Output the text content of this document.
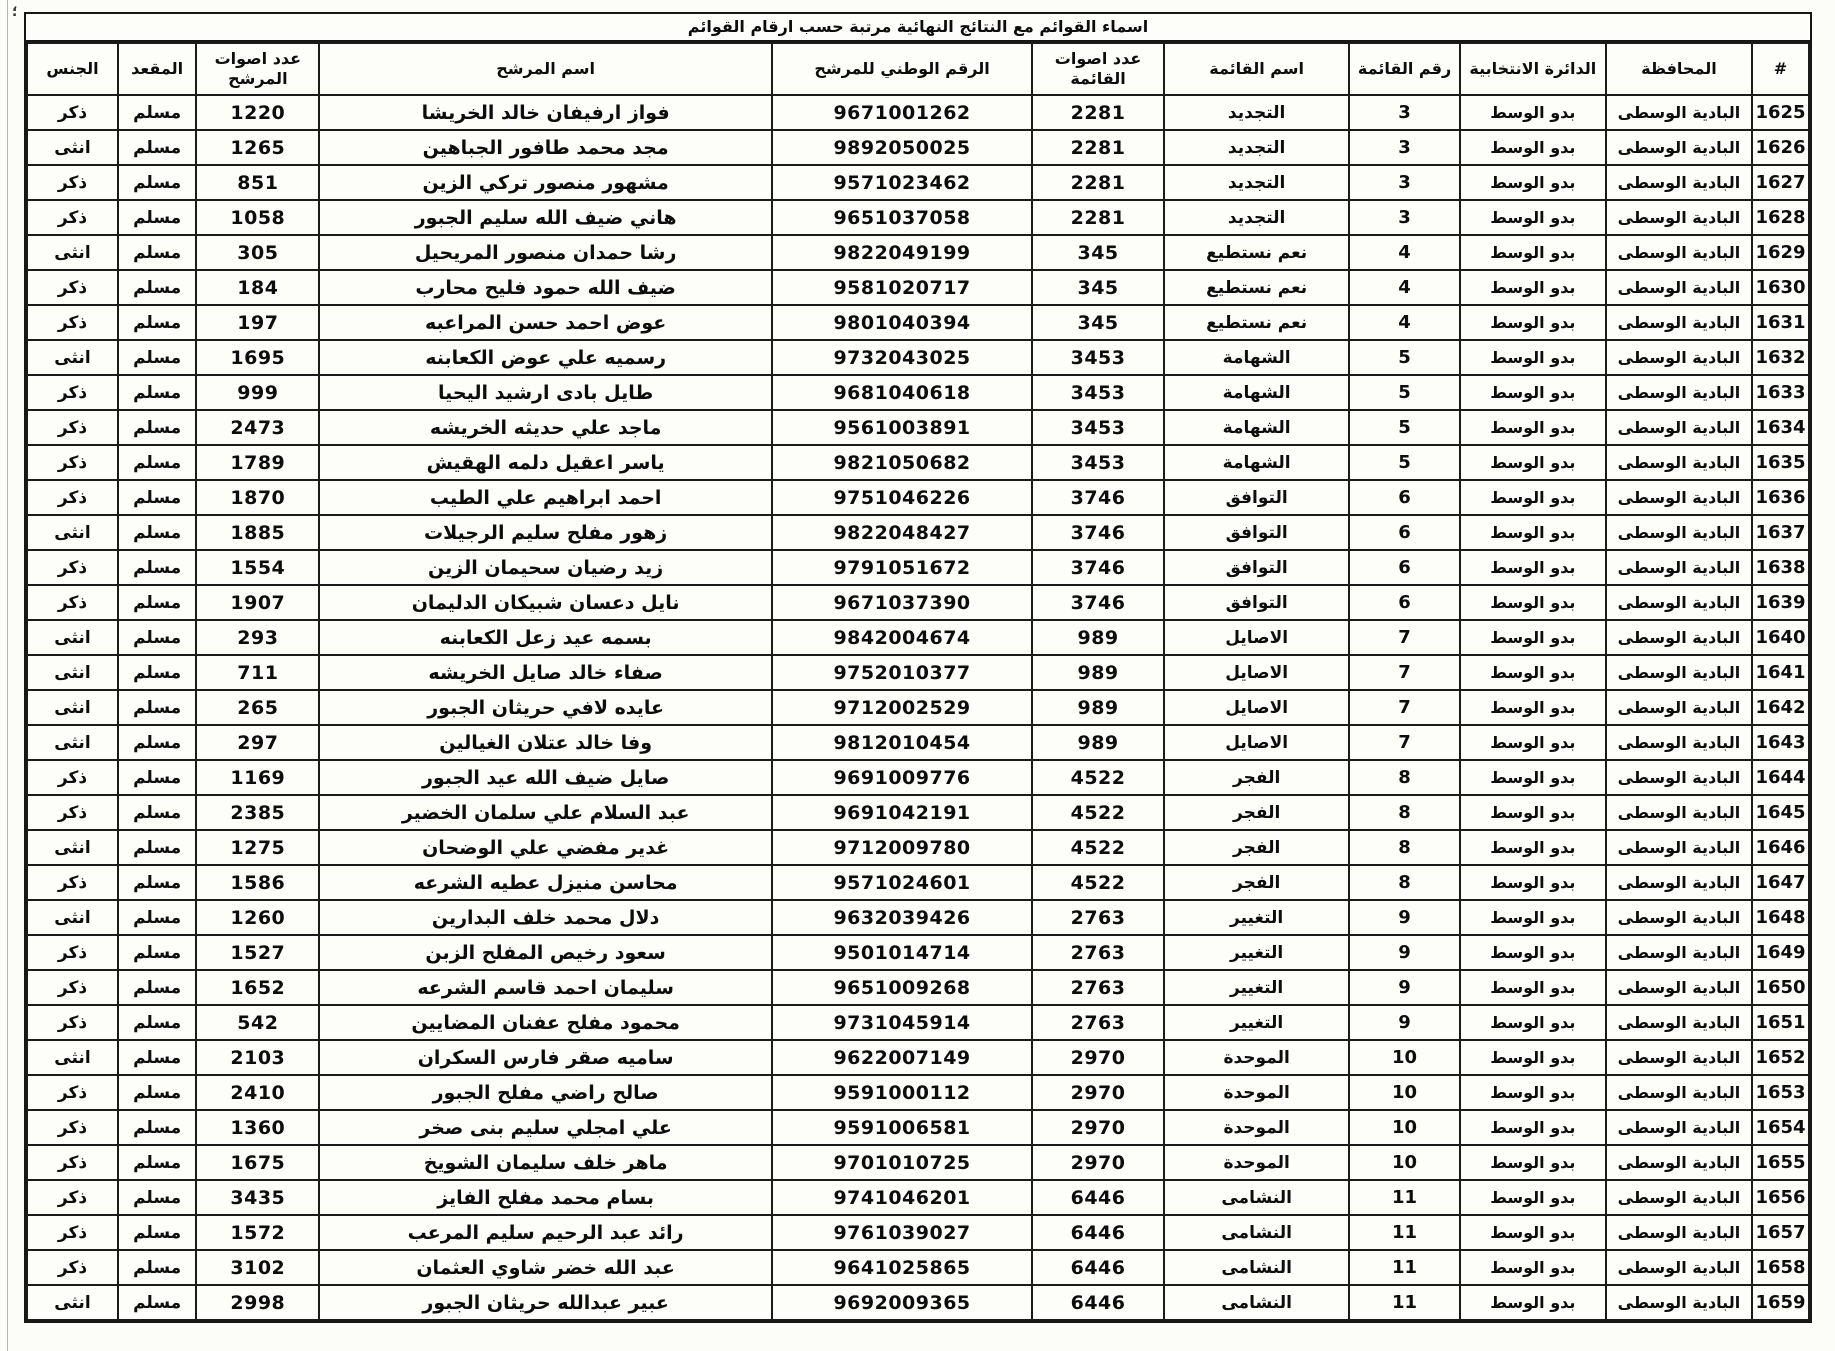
؛
اسماء القوائم مع النتائج النهائية مرتبة حسب ارقام القوائم
#	المحافظة	الدائرة الانتخابية	رقم القائمة	اسم القائمة	عدد اصوات القائمة	الرقم الوطني للمرشح	اسم المرشح	عدد اصوات المرشح	المقعد	الجنس
1625	البادية الوسطى	بدو الوسط	3	التجديد	2281	9671001262	فواز ارفيفان خالد الخريشا	1220	مسلم	ذكر
1626	البادية الوسطى	بدو الوسط	3	التجديد	2281	9892050025	مجد محمد طافور الجباهين	1265	مسلم	انثى
1627	البادية الوسطى	بدو الوسط	3	التجديد	2281	9571023462	مشهور منصور تركي الزين	851	مسلم	ذكر
1628	البادية الوسطى	بدو الوسط	3	التجديد	2281	9651037058	هاني ضيف الله سليم الجبور	1058	مسلم	ذكر
1629	البادية الوسطى	بدو الوسط	4	نعم نستطيع	345	9822049199	رشا حمدان منصور المريحيل	305	مسلم	انثى
1630	البادية الوسطى	بدو الوسط	4	نعم نستطيع	345	9581020717	ضيف الله حمود فليح محارب	184	مسلم	ذكر
1631	البادية الوسطى	بدو الوسط	4	نعم نستطيع	345	9801040394	عوض احمد حسن المراعبه	197	مسلم	ذكر
1632	البادية الوسطى	بدو الوسط	5	الشهامة	3453	9732043025	رسميه علي عوض الكعابنه	1695	مسلم	انثى
1633	البادية الوسطى	بدو الوسط	5	الشهامة	3453	9681040618	طايل بادى ارشيد اليحيا	999	مسلم	ذكر
1634	البادية الوسطى	بدو الوسط	5	الشهامة	3453	9561003891	ماجد علي حديثه الخريشه	2473	مسلم	ذكر
1635	البادية الوسطى	بدو الوسط	5	الشهامة	3453	9821050682	ياسر اعقيل دلمه الهقيش	1789	مسلم	ذكر
1636	البادية الوسطى	بدو الوسط	6	التوافق	3746	9751046226	احمد ابراهيم علي الطيب	1870	مسلم	ذكر
1637	البادية الوسطى	بدو الوسط	6	التوافق	3746	9822048427	زهور مفلح سليم الرجيلات	1885	مسلم	انثى
1638	البادية الوسطى	بدو الوسط	6	التوافق	3746	9791051672	زيد رضيان سحيمان الزين	1554	مسلم	ذكر
1639	البادية الوسطى	بدو الوسط	6	التوافق	3746	9671037390	نايل دعسان شبيكان الدليمان	1907	مسلم	ذكر
1640	البادية الوسطى	بدو الوسط	7	الاصايل	989	9842004674	بسمه عيد زعل الكعابنه	293	مسلم	انثى
1641	البادية الوسطى	بدو الوسط	7	الاصايل	989	9752010377	صفاء خالد صايل الخريشه	711	مسلم	انثى
1642	البادية الوسطى	بدو الوسط	7	الاصايل	989	9712002529	عايده لافي حريثان الجبور	265	مسلم	انثى
1643	البادية الوسطى	بدو الوسط	7	الاصايل	989	9812010454	وفا خالد عتلان الغيالين	297	مسلم	انثى
1644	البادية الوسطى	بدو الوسط	8	الفجر	4522	9691009776	صايل ضيف الله عيد الجبور	1169	مسلم	ذكر
1645	البادية الوسطى	بدو الوسط	8	الفجر	4522	9691042191	عبد السلام علي سلمان الخضير	2385	مسلم	ذكر
1646	البادية الوسطى	بدو الوسط	8	الفجر	4522	9712009780	غدير مفضي علي الوضحان	1275	مسلم	انثى
1647	البادية الوسطى	بدو الوسط	8	الفجر	4522	9571024601	محاسن منيزل عطيه الشرعه	1586	مسلم	ذكر
1648	البادية الوسطى	بدو الوسط	9	التغيير	2763	9632039426	دلال محمد خلف البدارين	1260	مسلم	انثى
1649	البادية الوسطى	بدو الوسط	9	التغيير	2763	9501014714	سعود رخيص المفلح الزبن	1527	مسلم	ذكر
1650	البادية الوسطى	بدو الوسط	9	التغيير	2763	9651009268	سليمان احمد قاسم الشرعه	1652	مسلم	ذكر
1651	البادية الوسطى	بدو الوسط	9	التغيير	2763	9731045914	محمود مفلح عفنان المضايين	542	مسلم	ذكر
1652	البادية الوسطى	بدو الوسط	10	الموحدة	2970	9622007149	ساميه صقر فارس السكران	2103	مسلم	انثى
1653	البادية الوسطى	بدو الوسط	10	الموحدة	2970	9591000112	صالح راضي مفلح الجبور	2410	مسلم	ذكر
1654	البادية الوسطى	بدو الوسط	10	الموحدة	2970	9591006581	علي امجلي سليم بنى صخر	1360	مسلم	ذكر
1655	البادية الوسطى	بدو الوسط	10	الموحدة	2970	9701010725	ماهر خلف سليمان الشويخ	1675	مسلم	ذكر
1656	البادية الوسطى	بدو الوسط	11	النشامى	6446	9741046201	بسام محمد مفلح الفايز	3435	مسلم	ذكر
1657	البادية الوسطى	بدو الوسط	11	النشامى	6446	9761039027	رائد عبد الرحيم سليم المرعب	1572	مسلم	ذكر
1658	البادية الوسطى	بدو الوسط	11	النشامى	6446	9641025865	عبد الله خضر شاوي العثمان	3102	مسلم	ذكر
1659	البادية الوسطى	بدو الوسط	11	النشامى	6446	9692009365	عبير عبدالله حريثان الجبور	2998	مسلم	انثى
